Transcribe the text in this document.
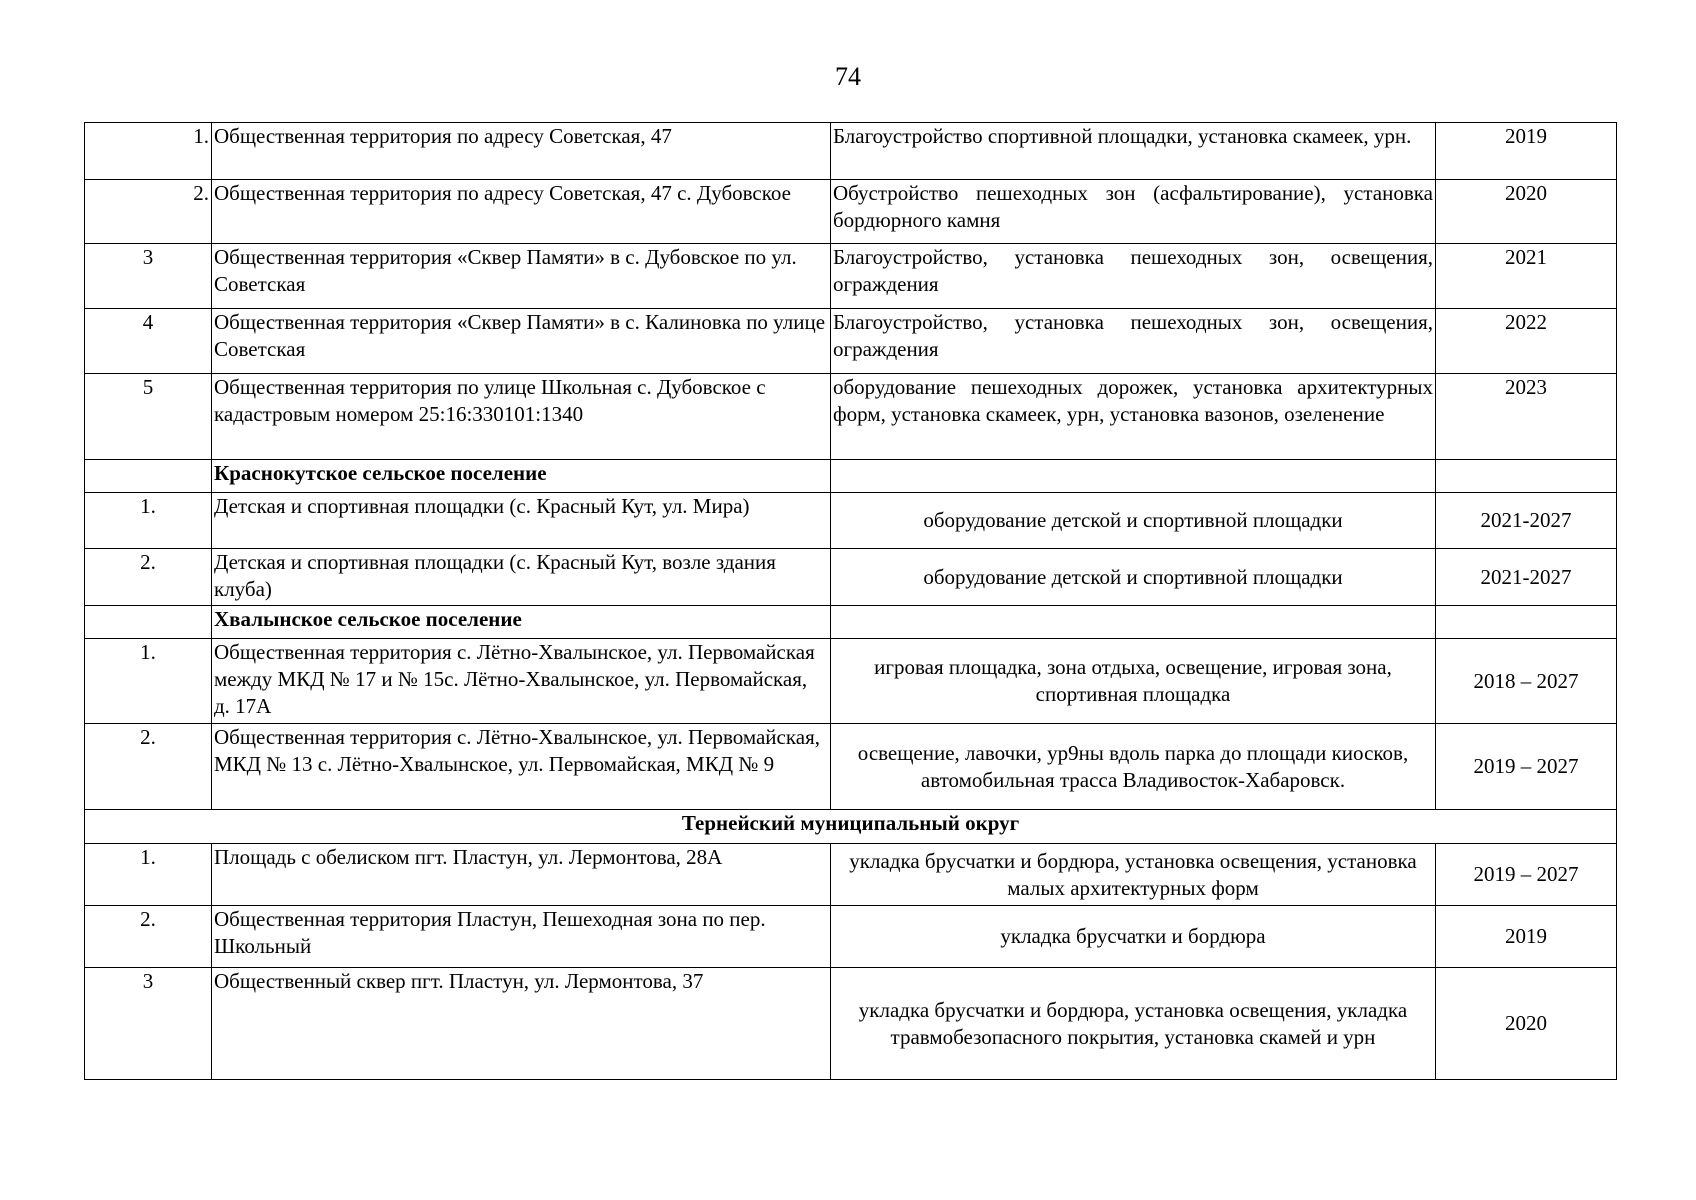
74
1.	Общественная территория по адресу Советская, 47	Благоустройство спортивной площадки, установка скамеек, урн.	2019
2.	Общественная территория по адресу Советская, 47 с. Дубовское	Обустройство пешеходных зон (асфальтирование), установка бордюрного камня	2020
3	Общественная территория «Сквер Памяти» в с. Дубовское по ул. Советская	Благоустройство, установка пешеходных зон, освещения, ограждения	2021
4	Общественная территория «Сквер Памяти» в с. Калиновка по улице Советская	Благоустройство, установка пешеходных зон, освещения, ограждения	2022
5	Общественная территория по улице Школьная с. Дубовское с кадастровым номером 25:16:330101:1340	оборудование пешеходных дорожек, установка архитектурных форм, установка скамеек, урн, установка вазонов, озеленение	2023
	Краснокутское сельское поселение		
1.	Детская и спортивная площадки (с. Красный Кут, ул. Мира)	оборудование детской и спортивной площадки	2021-2027
2.	Детская и спортивная площадки (с. Красный Кут, возле здания клуба)	оборудование детской и спортивной площадки	2021-2027
	Хвалынское сельское поселение		
1.	Общественная территория с. Лётно-Хвалынское, ул. Первомайская между МКД № 17 и № 15с. Лётно-Хвалынское, ул. Первомайская, д. 17А	игровая площадка, зона отдыха, освещение, игровая зона, спортивная площадка	2018 – 2027
2.	Общественная территория с. Лётно-Хвалынское, ул. Первомайская, МКД № 13 с. Лётно-Хвалынское, ул. Первомайская, МКД № 9	освещение, лавочки, ур9ны вдоль парка до площади киосков, автомобильная трасса Владивосток-Хабаровск.	2019 – 2027
Тернейский муниципальный округ			
1.	Площадь с обелиском пгт. Пластун, ул. Лермонтова, 28А	укладка брусчатки и бордюра, установка освещения, установка малых архитектурных форм	2019 – 2027
2.	Общественная территория Пластун, Пешеходная зона по пер. Школьный	укладка брусчатки и бордюра	2019
3	Общественный сквер пгт. Пластун, ул. Лермонтова, 37	укладка брусчатки и бордюра, установка освещения, укладка травмобезопасного покрытия, установка скамей и урн	2020
